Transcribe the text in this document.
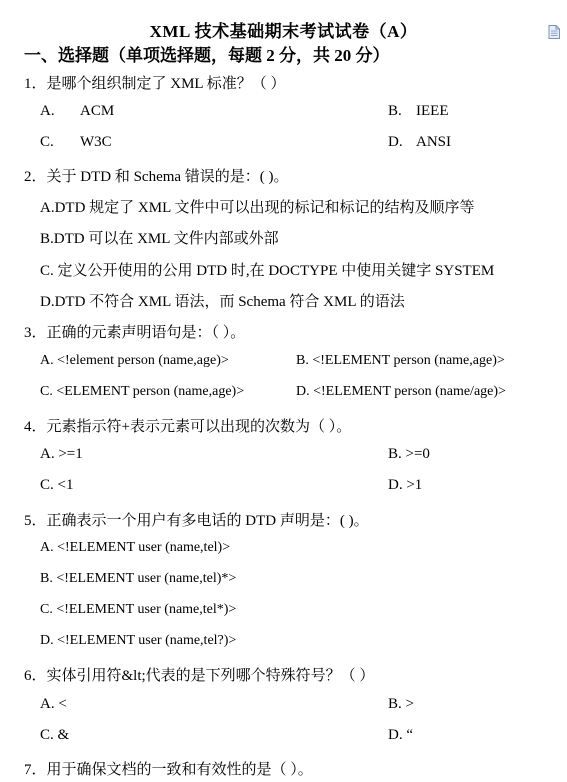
XML 技术基础期末考试试卷（A）
一、选择题（单项选择题，每题 2 分，共 20 分）
1．是哪个组织制定了 XML 标准？（ ）
A. ACM	B. IEEE
C. W3C	D. ANSI
2．关于 DTD 和 Schema 错误的是：( )。
A.DTD 规定了 XML 文件中可以出现的标记和标记的结构及顺序等
B.DTD 可以在 XML 文件内部或外部
C. 定义公开使用的公用 DTD 时,在 DOCTYPE 中使用关键字 SYSTEM
D.DTD 不符合 XML 语法，而 Schema 符合 XML 的语法
3．正确的元素声明语句是：（ ）。
A. <!element person (name,age)>	B. <!ELEMENT person (name,age)>
C. <ELEMENT person (name,age)>	D. <!ELEMENT person (name/age)>
4．元素指示符+表示元素可以出现的次数为（ ）。
A. >=1	B. >=0
C. <1	D. >1
5．正确表示一个用户有多电话的 DTD 声明是：( )。
A. <!ELEMENT user (name,tel)>
B. <!ELEMENT user (name,tel)*>
C. <!ELEMENT user (name,tel*)>
D. <!ELEMENT user (name,tel?)>
6．实体引用符&lt;代表的是下列哪个特殊符号？（ ）
A. <	B. >
C. &	D. “
7．用于确保文档的一致和有效性的是（ ）。
